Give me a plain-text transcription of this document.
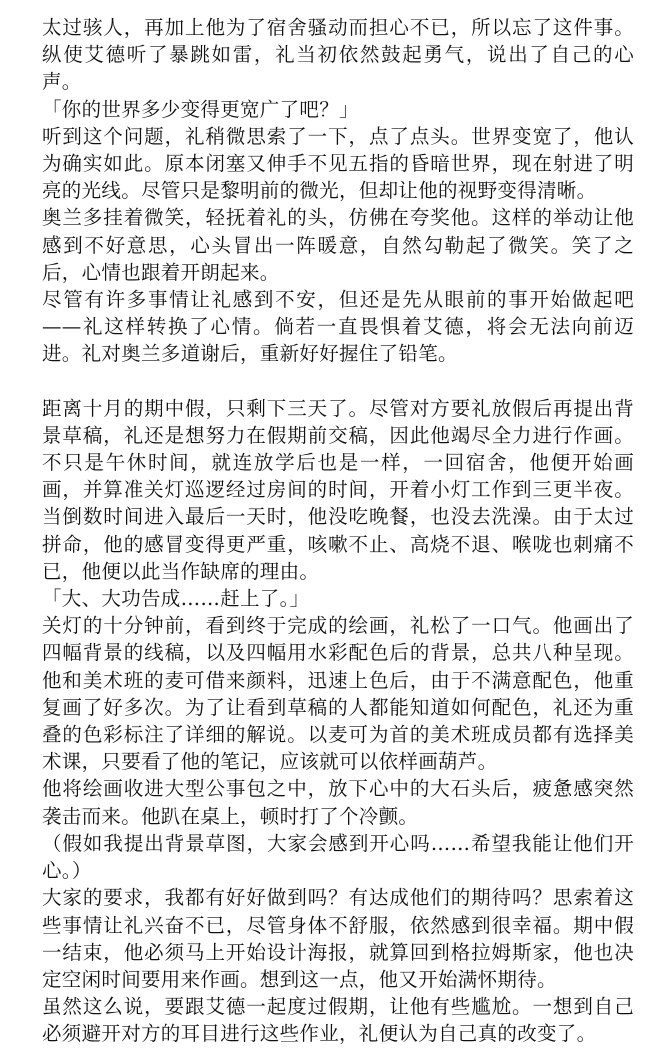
太过骇人，再加上他为了宿舍骚动而担心不已，所以忘了这件事。纵使艾德听了暴跳如雷，礼当初依然鼓起勇气，说出了自己的心声。

「你的世界多少变得更宽广了吧？」

听到这个问题，礼稍微思索了一下，点了点头。世界变宽了，他认为确实如此。原本闭塞又伸手不见五指的昏暗世界，现在射进了明亮的光线。尽管只是黎明前的微光，但却让他的视野变得清晰。

奥兰多挂着微笑，轻抚着礼的头，仿佛在夸奖他。这样的举动让他感到不好意思，心头冒出一阵暖意，自然勾勒起了微笑。笑了之后，心情也跟着开朗起来。

尽管有许多事情让礼感到不安，但还是先从眼前的事开始做起吧——礼这样转换了心情。倘若一直畏惧着艾德，将会无法向前迈进。礼对奥兰多道谢后，重新好好握住了铅笔。

距离十月的期中假，只剩下三天了。尽管对方要礼放假后再提出背景草稿，礼还是想努力在假期前交稿，因此他竭尽全力进行作画。不只是午休时间，就连放学后也是一样，一回宿舍，他便开始画画，并算准关灯巡逻经过房间的时间，开着小灯工作到三更半夜。当倒数时间进入最后一天时，他没吃晚餐，也没去洗澡。由于太过拼命，他的感冒变得更严重，咳嗽不止、高烧不退、喉咙也刺痛不已，他便以此当作缺席的理由。

「大、大功告成……赶上了。」

关灯的十分钟前，看到终于完成的绘画，礼松了一口气。他画出了四幅背景的线稿，以及四幅用水彩配色后的背景，总共八种呈现。他和美术班的麦可借来颜料，迅速上色后，由于不满意配色，他重复画了好多次。为了让看到草稿的人都能知道如何配色，礼还为重叠的色彩标注了详细的解说。以麦可为首的美术班成员都有选择美术课，只要看了他的笔记，应该就可以依样画葫芦。

他将绘画收进大型公事包之中，放下心中的大石头后，疲惫感突然袭击而来。他趴在桌上，顿时打了个冷颤。

（假如我提出背景草图，大家会感到开心吗……希望我能让他们开心。）

大家的要求，我都有好好做到吗？有达成他们的期待吗？思索着这些事情让礼兴奋不已，尽管身体不舒服，依然感到很幸福。期中假一结束，他必须马上开始设计海报，就算回到格拉姆斯家，他也决定空闲时间要用来作画。想到这一点，他又开始满怀期待。

虽然这么说，要跟艾德一起度过假期，让他有些尴尬。一想到自己必须避开对方的耳目进行这些作业，礼便认为自己真的改变了。
